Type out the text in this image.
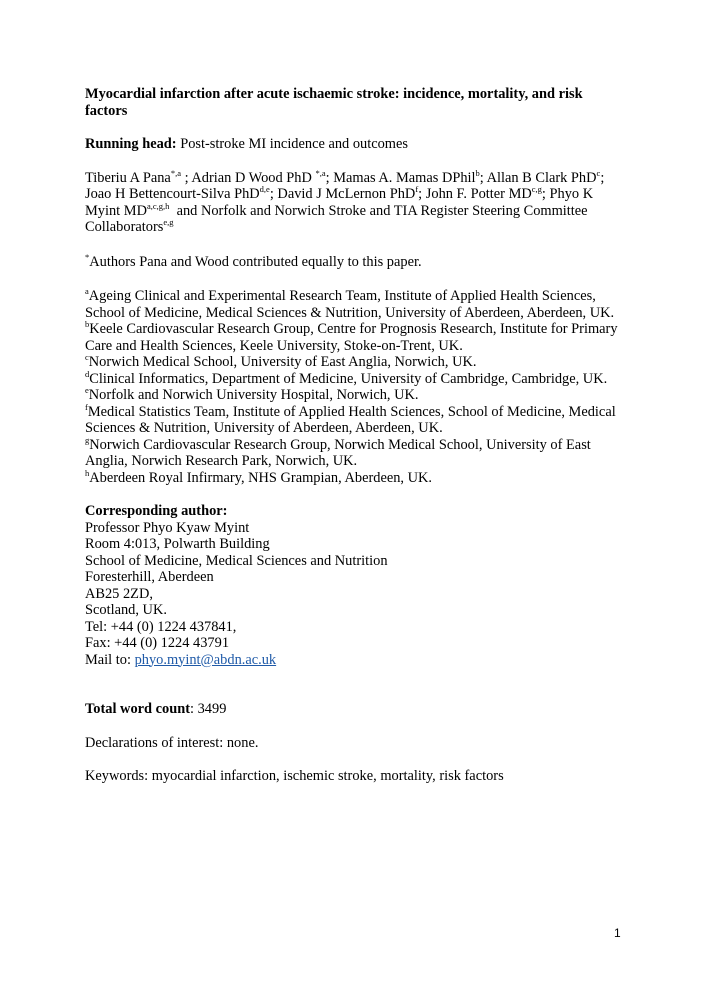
Myocardial infarction after acute ischaemic stroke: incidence, mortality, and risk
factors
Running head: Post-stroke MI incidence and outcomes
Tiberiu A Pana$^{*,a}$ ; Adrian D Wood PhD $^{*,a}$; Mamas A. Mamas DPhil$^b$; Allan B Clark PhD$^c$;
Joao H Bettencourt-Silva PhD$^{d,e}$; David J McLernon PhD$^f$; John F. Potter MD$^{c,g}$; Phyo K
Myint MD$^{a,c,g,h}$  and Norfolk and Norwich Stroke and TIA Register Steering Committee
Collaborators$^{e,g}$
*Authors Pana and Wood contributed equally to this paper.
$^a$Ageing Clinical and Experimental Research Team, Institute of Applied Health Sciences,
School of Medicine, Medical Sciences & Nutrition, University of Aberdeen, Aberdeen, UK.
$^b$Keele Cardiovascular Research Group, Centre for Prognosis Research, Institute for Primary
Care and Health Sciences, Keele University, Stoke-on-Trent, UK.
$^c$Norwich Medical School, University of East Anglia, Norwich, UK.
$^d$Clinical Informatics, Department of Medicine, University of Cambridge, Cambridge, UK.
$^e$Norfolk and Norwich University Hospital, Norwich, UK.
$^f$Medical Statistics Team, Institute of Applied Health Sciences, School of Medicine, Medical
Sciences & Nutrition, University of Aberdeen, Aberdeen, UK.
$^g$Norwich Cardiovascular Research Group, Norwich Medical School, University of East
Anglia, Norwich Research Park, Norwich, UK.
$^h$Aberdeen Royal Infirmary, NHS Grampian, Aberdeen, UK.
Corresponding author:
Professor Phyo Kyaw Myint
Room 4:013, Polwarth Building
School of Medicine, Medical Sciences and Nutrition
Foresterhill, Aberdeen
AB25 2ZD,
Scotland, UK.
Tel: +44 (0) 1224 437841,
Fax: +44 (0) 1224 43791
Mail to: phyo.myint@abdn.ac.uk
Total word count: 3499
Declarations of interest: none.
Keywords: myocardial infarction, ischemic stroke, mortality, risk factors
1
